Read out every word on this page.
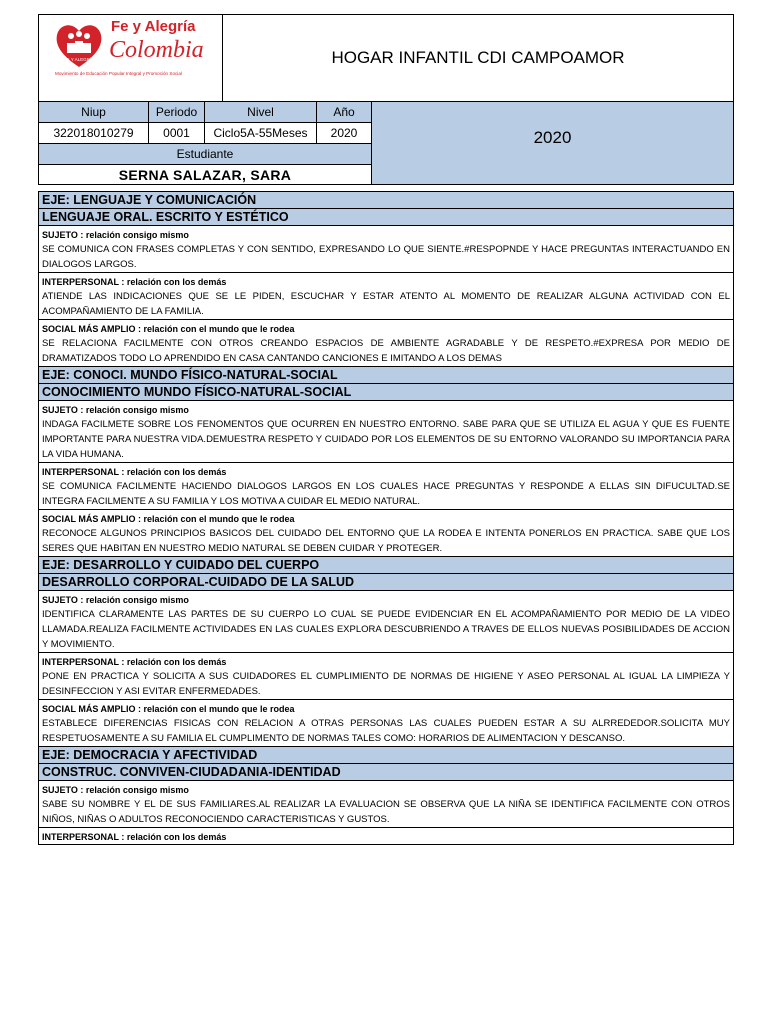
FE Y ALEGRÍA
Fe y Alegría
Colombia
Movimiento de Educación Popular Integral y Promoción Social
HOGAR INFANTIL CDI CAMPOAMOR
Niup	Periodo	Nivel	Año
322018010279	0001	Ciclo5A-55Meses	2020
Estudiante
SERNA SALAZAR, SARA
2020
EJE: LENGUAJE Y COMUNICACIÓN
LENGUAJE ORAL. ESCRITO Y ESTÉTICO
SUJETO : relación consigo mismo
SE COMUNICA CON FRASES COMPLETAS Y CON SENTIDO, EXPRESANDO LO QUE SIENTE.#RESPOPNDE Y HACE PREGUNTAS INTERACTUANDO EN DIALOGOS LARGOS.
INTERPERSONAL : relación con los demás
ATIENDE LAS INDICACIONES QUE SE LE PIDEN, ESCUCHAR Y ESTAR ATENTO AL MOMENTO DE REALIZAR ALGUNA ACTIVIDAD CON EL ACOMPAÑAMIENTO DE LA FAMILIA.
SOCIAL MÁS AMPLIO : relación con el mundo que le rodea
SE RELACIONA FACILMENTE CON OTROS CREANDO ESPACIOS DE AMBIENTE AGRADABLE Y DE RESPETO.#EXPRESA POR MEDIO DE DRAMATIZADOS TODO LO APRENDIDO EN CASA CANTANDO CANCIONES E IMITANDO A LOS DEMAS
EJE: CONOCI. MUNDO FÍSICO-NATURAL-SOCIAL
CONOCIMIENTO MUNDO FÍSICO-NATURAL-SOCIAL
SUJETO : relación consigo mismo
INDAGA FACILMETE SOBRE LOS FENOMENTOS QUE OCURREN EN NUESTRO ENTORNO. SABE PARA QUE SE UTILIZA EL AGUA Y QUE ES FUENTE IMPORTANTE PARA NUESTRA VIDA.DEMUESTRA RESPETO Y CUIDADO POR LOS ELEMENTOS DE SU ENTORNO VALORANDO SU IMPORTANCIA PARA LA VIDA HUMANA.
INTERPERSONAL : relación con los demás
SE COMUNICA FACILMENTE HACIENDO DIALOGOS LARGOS EN LOS CUALES HACE PREGUNTAS Y RESPONDE A ELLAS SIN DIFUCULTAD.SE INTEGRA FACILMENTE A SU FAMILIA Y LOS MOTIVA A CUIDAR EL MEDIO NATURAL.
SOCIAL MÁS AMPLIO : relación con el mundo que le rodea
RECONOCE ALGUNOS PRINCIPIOS BASICOS DEL CUIDADO DEL ENTORNO QUE LA RODEA E INTENTA PONERLOS EN PRACTICA. SABE QUE LOS SERES QUE HABITAN EN NUESTRO MEDIO NATURAL SE DEBEN CUIDAR Y PROTEGER.
EJE: DESARROLLO Y CUIDADO DEL CUERPO
DESARROLLO CORPORAL-CUIDADO DE LA SALUD
SUJETO : relación consigo mismo
IDENTIFICA CLARAMENTE LAS PARTES DE SU CUERPO LO CUAL SE PUEDE EVIDENCIAR EN EL ACOMPAÑAMIENTO POR MEDIO DE LA VIDEO LLAMADA.REALIZA FACILMENTE ACTIVIDADES EN LAS CUALES EXPLORA DESCUBRIENDO A TRAVES DE ELLOS NUEVAS POSIBILIDADES DE ACCION Y MOVIMIENTO.
INTERPERSONAL : relación con los demás
PONE EN PRACTICA Y SOLICITA A SUS CUIDADORES EL CUMPLIMIENTO DE NORMAS DE HIGIENE Y ASEO PERSONAL AL IGUAL LA LIMPIEZA Y DESINFECCION Y ASI EVITAR ENFERMEDADES.
SOCIAL MÁS AMPLIO : relación con el mundo que le rodea
ESTABLECE DIFERENCIAS FISICAS CON RELACION A OTRAS PERSONAS LAS CUALES PUEDEN ESTAR A SU ALRREDEDOR.SOLICITA MUY RESPETUOSAMENTE A SU FAMILIA EL CUMPLIMENTO DE NORMAS TALES COMO: HORARIOS DE ALIMENTACION Y DESCANSO.
EJE: DEMOCRACIA Y AFECTIVIDAD
CONSTRUC. CONVIVEN-CIUDADANIA-IDENTIDAD
SUJETO : relación consigo mismo
SABE SU NOMBRE Y EL DE SUS FAMILIARES.AL REALIZAR LA EVALUACION SE OBSERVA QUE LA NIÑA SE IDENTIFICA FACILMENTE CON OTROS NIÑOS, NIÑAS O ADULTOS RECONOCIENDO CARACTERISTICAS Y GUSTOS.
INTERPERSONAL : relación con los demás
